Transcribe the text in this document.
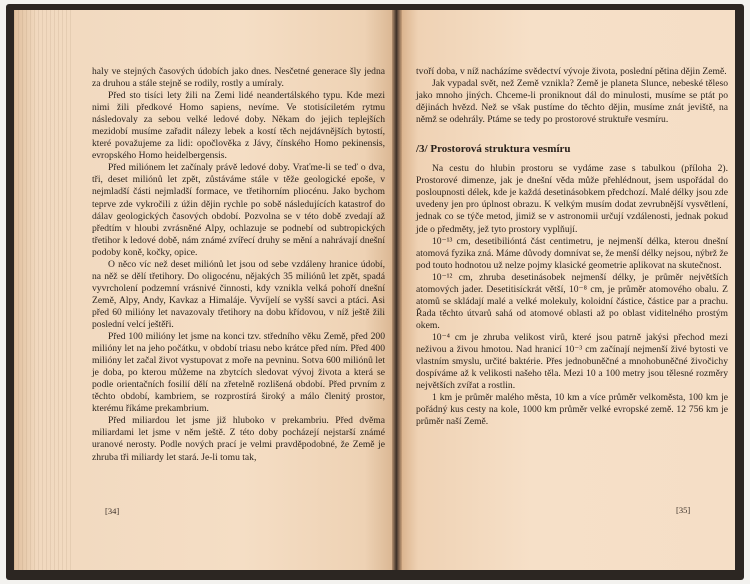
haly ve stejných časových údobích jako dnes. Nesčetné generace šly jedna za druhou a stále stejně se rodily, rostly a umíraly.

Před sto tisíci lety žili na Zemi lidé neandertálského typu. Kde mezi nimi žili předkové Homo sapiens, nevíme. Ve stotisíciletém rytmu následovaly za sebou velké ledové doby. Někam do jejich teplejších mezidobí musíme zařadit nálezy lebek a kostí těch nejdávnějších bytostí, které považujeme za lidi: opočlověka z Jávy, čínského Homo pekinensis, evropského Homo heidelbergensis.

Před miliónem let začínaly právě ledové doby. Vraťme-li se teď o dva, tři, deset miliónů let zpět, zůstáváme stále v těže geologické epoše, v nejmladší části nejmladší formace, ve třetihorním pliocénu. Jako bychom teprve zde vykročili z úžin dějin rychle po sobě následujících katastrof do dálav geologických časových období. Pozvolna se v této době zvedají až předtím v hloubi zvrásněné Alpy, ochlazuje se podnebí od subtropických třetihor k ledové době, nám známé zvířecí druhy se mění a nahrávají dnešní podoby koně, kočky, opice.

O něco víc než deset miliónů let jsou od sebe vzdáleny hranice údobí, na něž se dělí třetihory. Do oligocénu, nějakých 35 miliónů let zpět, spadá vyvrcholení podzemní vrásnivé činnosti, kdy vznikla velká pohoří dnešní Země, Alpy, Andy, Kavkaz a Himaláje. Vyvíjelí se vyšší savci a ptáci. Asi před 60 milióny let navazovaly třetihory na dobu křídovou, v níž ještě žili poslední velcí ještěři.

Před 100 milióny let jsme na konci tzv. středního věku Země, před 200 milióny let na jeho počátku, v období triasu nebo krátce před ním. Před 400 milióny let začal život vystupovat z moře na pevninu. Sotva 600 miliónů let je doba, po kterou můžeme na zbytcích sledovat vývoj života a která se podle orientačních fosilií dělí na zřetelně rozlišená období. Před prvním z těchto období, kambriem, se rozprostírá široký a málo členitý prostor, kterému říkáme prekambrium.

Před miliardou let jsme již hluboko v prekambriu. Před dvěma miliardami let jsme v něm ještě. Z této doby pocházejí nejstarší známé uranové nerosty. Podle nových prací je velmi pravděpodobné, že Země je zhruba tři miliardy let stará. Je-li tomu tak,

[34]

tvoří doba, v níž nacházíme svědectví vývoje života, poslední pětina dějin Země.

Jak vypadal svět, než Země vznikla? Země je planeta Slunce, nebeské těleso jako mnoho jiných. Chceme-li proniknout dál do minulosti, musíme se ptát po dějinách hvězd. Než se však pustíme do těchto dějin, musíme znát jeviště, na němž se odehrály. Ptáme se tedy po prostorové struktuře vesmíru.

/3/ Prostorová struktura vesmíru

Na cestu do hlubin prostoru se vydáme zase s tabulkou (příloha 2). Prostorové dimenze, jak je dnešní věda může přehlédnout, jsem uspořádal do posloupnosti délek, kde je každá desetinásobkem předchozí. Malé délky jsou zde uvedeny jen pro úplnost obrazu. K velkým musím dodat zevrubnější vysvětlení, jednak co se týče metod, jimiž se v astronomii určují vzdálenosti, jednak pokud jde o předměty, jež tyto prostory vyplňují.

10⁻¹³ cm, desetibilióntá část centimetru, je nejmenší délka, kterou dnešní atomová fyzika zná. Máme důvody domnívat se, že menší délky nejsou, nýbrž že pod touto hodnotou už nelze pojmy klasické geometrie aplikovat na skutečnost.

10⁻¹² cm, zhruba desetinásobek nejmenší délky, je průměr největších atomových jader. Desetitisíckrát větší, 10⁻⁸ cm, je průměr atomového obalu. Z atomů se skládají malé a velké molekuly, koloidní částice, částice par a prachu. Řada těchto útvarů sahá od atomové oblasti až po oblast viditelného prostým okem.

10⁻⁴ cm je zhruba velikost virů, které jsou patrně jakýsi přechod mezi neživou a živou hmotou. Nad hranicí 10⁻³ cm začínají nejmenší živé bytosti ve vlastním smyslu, určité baktérie. Přes jednobuněčné a mnohobuněčné živočichy dospíváme až k velikosti našeho těla. Mezi 10 a 100 metry jsou tělesné rozměry největších zvířat a rostlin.

1 km je průměr malého města, 10 km a více průměr velkoměsta, 100 km je pořádný kus cesty na kole, 1000 km průměr velké evropské země. 12 756 km je průměr naší Země.

[35]
